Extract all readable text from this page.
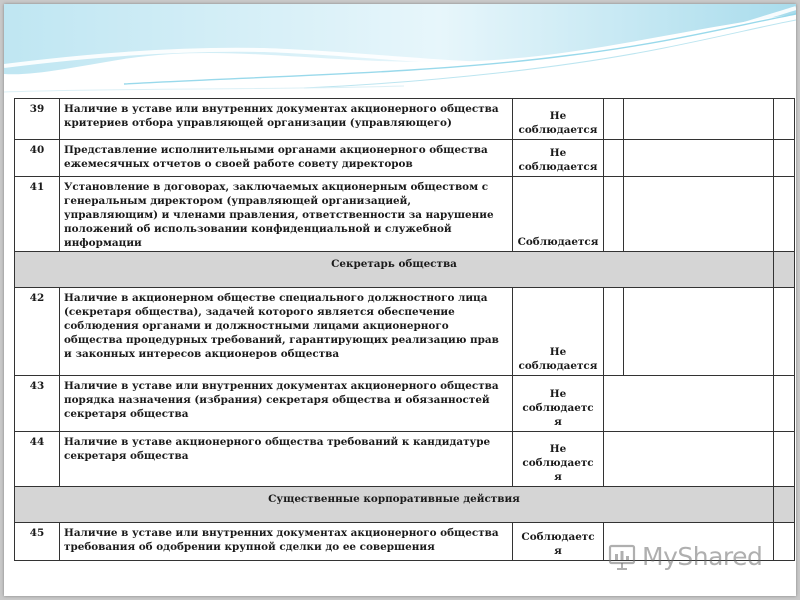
39	Наличие в уставе или внутренних документах акционерного общества критериев отбора управляющей организации (управляющего)	Не соблюдается			
40	Представление исполнительными органами акционерного общества ежемесячных отчетов о своей работе совету директоров	Не соблюдается			
41	Установление в договорах, заключаемых акционерным обществом с генеральным директором (управляющей организацией, управляющим) и членами правления, ответственности за нарушение положений об использовании конфиденциальной и служебной информации	Соблюдается			
Секретарь общества					
42	Наличие в акционерном обществе специального должностного лица (секретаря общества), задачей которого является обеспечение соблюдения органами и должностными лицами акционерного общества процедурных требований, гарантирующих реализацию прав и законных интересов акционеров общества	Не соблюдается			
43	Наличие в уставе или внутренних документах акционерного общества порядка назначения (избрания) секретаря общества и обязанностей секретаря общества	Не соблюдаетс я			
44	Наличие в уставе акционерного общества требований к кандидатуре секретаря общества	Не соблюдаетс я			
Существенные корпоративные действия					
45	Наличие в уставе или внутренних документах акционерного общества требования об одобрении крупной сделки до ее совершения	Соблюдаетс я				MyShared
